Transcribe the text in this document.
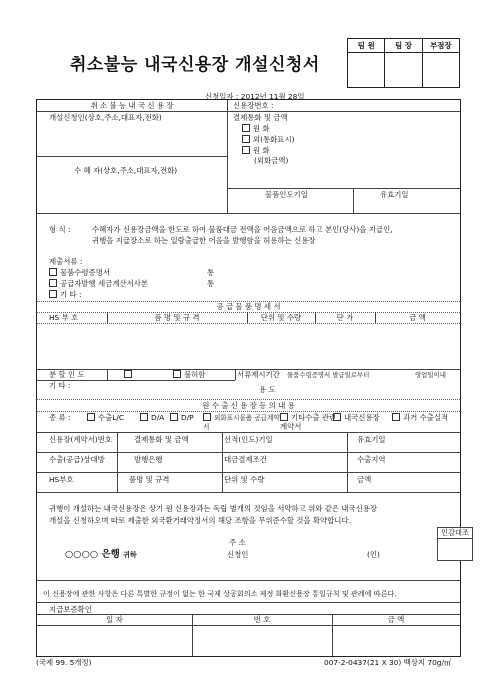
취소불능 내국신용장 개설신청서
팀 원	팀 장	부점장
신청일자 : 2012년 11월 28일
취 소 불 능 내 국 신 용 장	신용장번호 :
개설신청인(상호,주소,대표자,전화)	결제통화 및 금액
원 화
외(통화표시)
원 화
(외화금액)
수 혜 자(상호,주소,대표자,전화)
물품인도기일	유효기일
형 식 :	수혜자가 신용장금액을 한도로 하여 물품대금 전액을 어음금액으로 하고 본인(당사)을 지급인,
귀행을 지급장소로 하는 일람출급한 어음을 발행함을 허용하는 신용장
제출서류 :
물품수령증명서	통
공급자발행 세금계산서사본	통
기 타 :
공 급 물 품 명 세 서
HS 부 호	품 명 및 규 격	단위 및 수량	단 가	금 액
분 할 인 도	불허함	서류제시기간 물품수령증명서 발급일로부터	영업일이내
기 타 :	용 도
원 수 출 신 용 장 등 의 내 용
종 류 :	수출L/C	D/A	D/P	외화표시물품 공급계약서
기타수출 관련계약서
내국신용장	과거 수출실적
신용장(계약서)번호	결제통화 및 금액	선적(인도)기일	유효기일
수출(공급)상대방	발행은행	대금결제조건	수출지역
HS부호	품명 및 규격	단위 및 수량	금액
귀행이 개설하는 내국신용장은 상기 원 신용장과는 독립 별개의 것임을 서약하고 위와 같은 내국신용장
개설을 신청하오며 따로 제출한 외국환거래약정서의 해당 조항을 무위준수할 것을 확약합니다.
주 소
○○○○ 은행 귀하	신청인	(인)
이 신용장에 관한 사항은 다른 특별한 규정이 없는 한 국제 상공회의소 제정 화환신용장 통일규칙 및 관례에 따른다.
지급보증확인
일 자	번 호	금 액
인감대조
(국제 99. 5개정)	007-2-0437(21 X 30) 백상지 70g/㎡
